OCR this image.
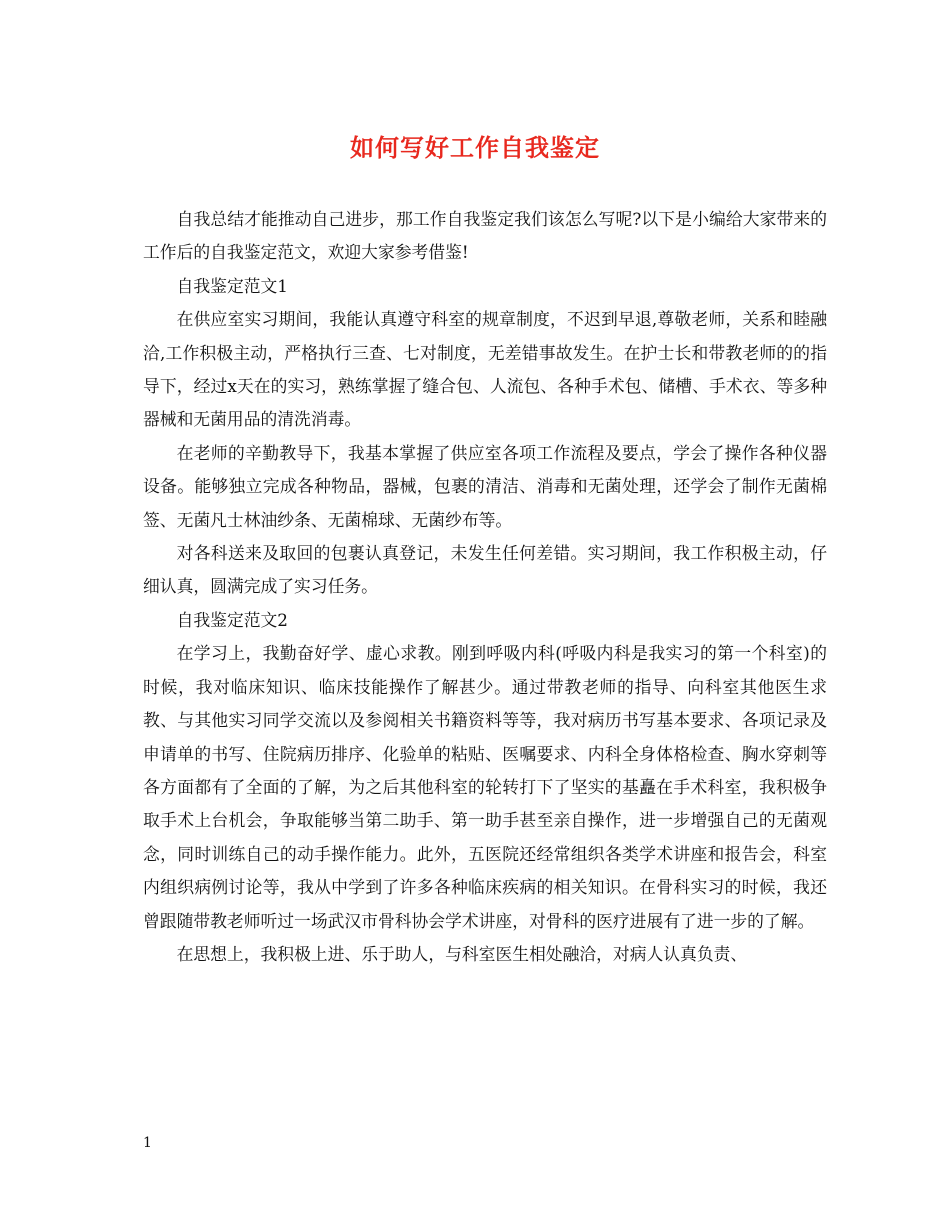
如何写好工作自我鉴定

自我总结才能推动自己进步，那工作自我鉴定我们该怎么写呢?以下是小编给大家带来的工作后的自我鉴定范文，欢迎大家参考借鉴!

自我鉴定范文1

在供应室实习期间，我能认真遵守科室的规章制度，不迟到早退,尊敬老师，关系和睦融洽,工作积极主动，严格执行三查、七对制度，无差错事故发生。在护士长和带教老师的的指导下，经过x天在的实习，熟练掌握了缝合包、人流包、各种手术包、储槽、手术衣、等多种器械和无菌用品的清洗消毒。

在老师的辛勤教导下，我基本掌握了供应室各项工作流程及要点，学会了操作各种仪器设备。能够独立完成各种物品，器械，包裹的清洁、消毒和无菌处理，还学会了制作无菌棉签、无菌凡士林油纱条、无菌棉球、无菌纱布等。

对各科送来及取回的包裹认真登记，未发生任何差错。实习期间，我工作积极主动，仔细认真，圆满完成了实习任务。

自我鉴定范文2

在学习上，我勤奋好学、虚心求教。刚到呼吸内科(呼吸内科是我实习的第一个科室)的时候，我对临床知识、临床技能操作了解甚少。通过带教老师的指导、向科室其他医生求教、与其他实习同学交流以及参阅相关书籍资料等等，我对病历书写基本要求、各项记录及申请单的书写、住院病历排序、化验单的粘贴、医嘱要求、内科全身体格检查、胸水穿刺等各方面都有了全面的了解，为之后其他科室的轮转打下了坚实的基矗在手术科室，我积极争取手术上台机会，争取能够当第二助手、第一助手甚至亲自操作，进一步增强自己的无菌观念，同时训练自己的动手操作能力。此外，五医院还经常组织各类学术讲座和报告会，科室内组织病例讨论等，我从中学到了许多各种临床疾病的相关知识。在骨科实习的时候，我还曾跟随带教老师听过一场武汉市骨科协会学术讲座，对骨科的医疗进展有了进一步的了解。

在思想上，我积极上进、乐于助人，与科室医生相处融洽，对病人认真负责、

1
